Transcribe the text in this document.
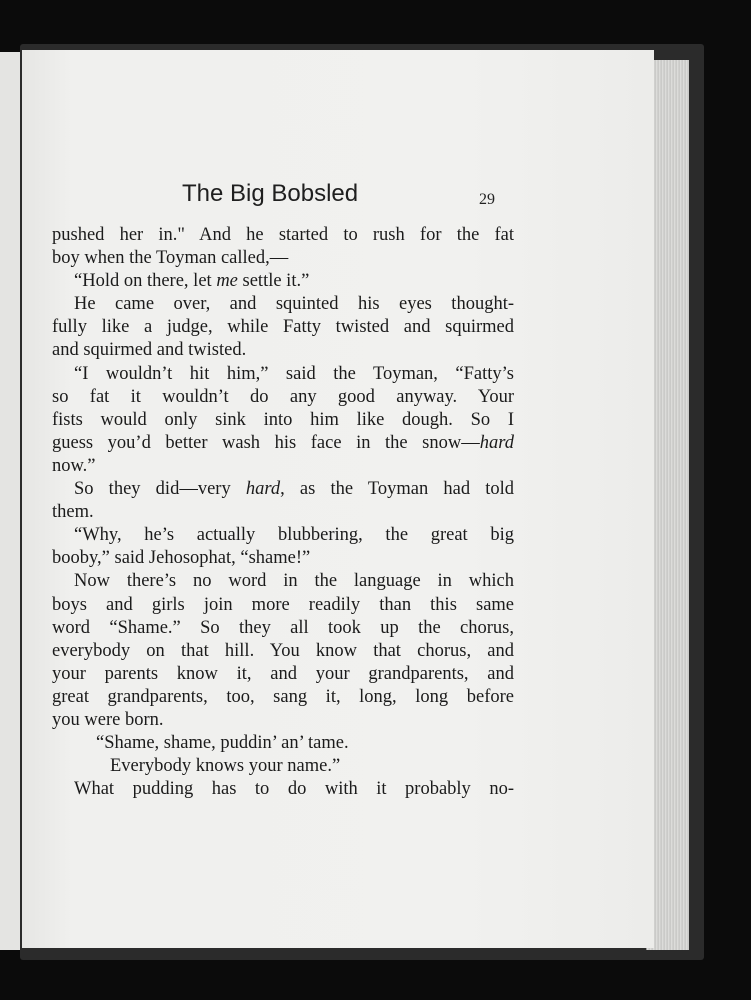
The Big Bobsled	29
pushed her in." And he started to rush for the fat
boy when the Toyman called,—
“Hold on there, let me settle it.”
He came over, and squinted his eyes thought-
fully like a judge, while Fatty twisted and squirmed
and squirmed and twisted.
“I wouldn’t hit him,” said the Toyman, “Fatty’s
so fat it wouldn’t do any good anyway. Your
fists would only sink into him like dough. So I
guess you’d better wash his face in the snow—hard
now.”
So they did—very hard, as the Toyman had told
them.
“Why, he’s actually blubbering, the great big
booby,” said Jehosophat, “shame!”
Now there’s no word in the language in which
boys and girls join more readily than this same
word “Shame.” So they all took up the chorus,
everybody on that hill. You know that chorus, and
your parents know it, and your grandparents, and
great grandparents, too, sang it, long, long before
you were born.
“Shame, shame, puddin’ an’ tame.
Everybody knows your name.”
What pudding has to do with it probably no-
